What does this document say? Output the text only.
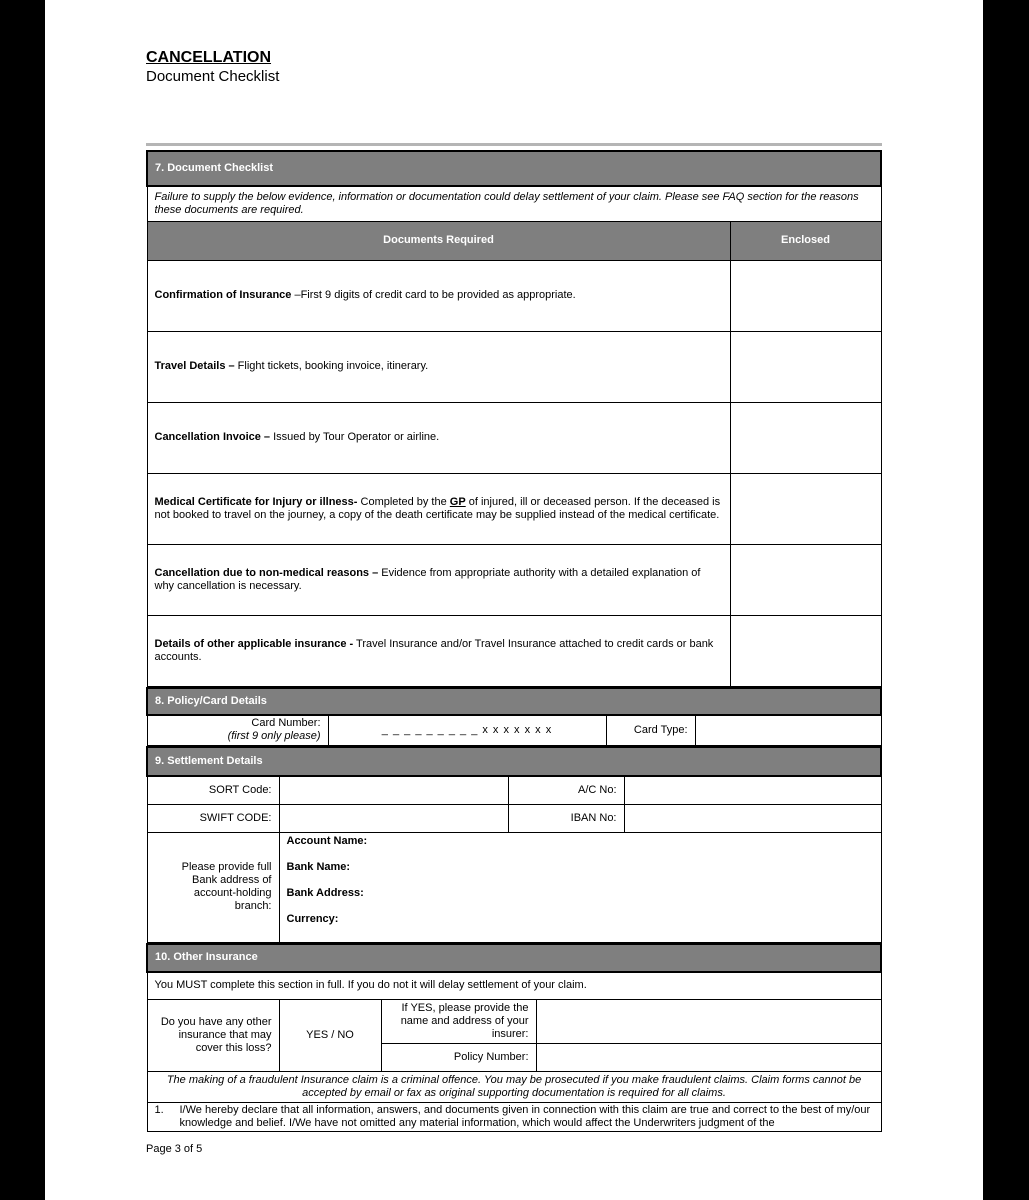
CANCELLATION
Document Checklist
7. Document Checklist	
Failure to supply the below evidence, information or documentation could delay settlement of your claim. Please see FAQ section for the reasons these documents are required.	
Documents Required	Enclosed
Confirmation of Insurance –First 9 digits of credit card to be provided as appropriate.	
Travel Details – Flight tickets, booking invoice, itinerary.	
Cancellation Invoice – Issued by Tour Operator or airline.	
Medical Certificate for Injury or illness- Completed by the GP of injured, ill or deceased person. If the deceased is not booked to travel on the journey, a copy of the death certificate may be supplied instead of the medical certificate.	
Cancellation due to non-medical reasons – Evidence from appropriate authority with a detailed explanation of why cancellation is necessary.	
Details of other applicable insurance - Travel Insurance and/or Travel Insurance attached to credit cards or bank accounts.	
8. Policy/Card Details

Card Number:
(first 9 only please)
	_ _ _ _ _ _ _ _ _ x x x x x x x	Card Type:	
9. Settlement Details			
SORT Code:		A/C No:	
SWIFT CODE:		IBAN No:	
Please provide full Bank address of account-holding branch:	Account Name:
Bank Name:
Bank Address:
Currency:		
10. Other Insurance			
You MUST complete this section in full. If you do not it will delay settlement of your claim.			
Do you have any other insurance that may cover this loss?	YES / NO	If YES, please provide the name and address of your insurer:	
		Policy Number:	
The making of a fraudulent Insurance claim is a criminal offence. You may be prosecuted if you make fraudulent claims. Claim forms cannot be accepted by email or fax as original supporting documentation is required for all claims.			

1. I/We hereby declare that all information, answers, and documents given in connection with this claim are true and correct to the best of my/our knowledge and belief. I/We have not omitted any material information, which would affect the Underwriters judgment of the			
Page 3 of 5
